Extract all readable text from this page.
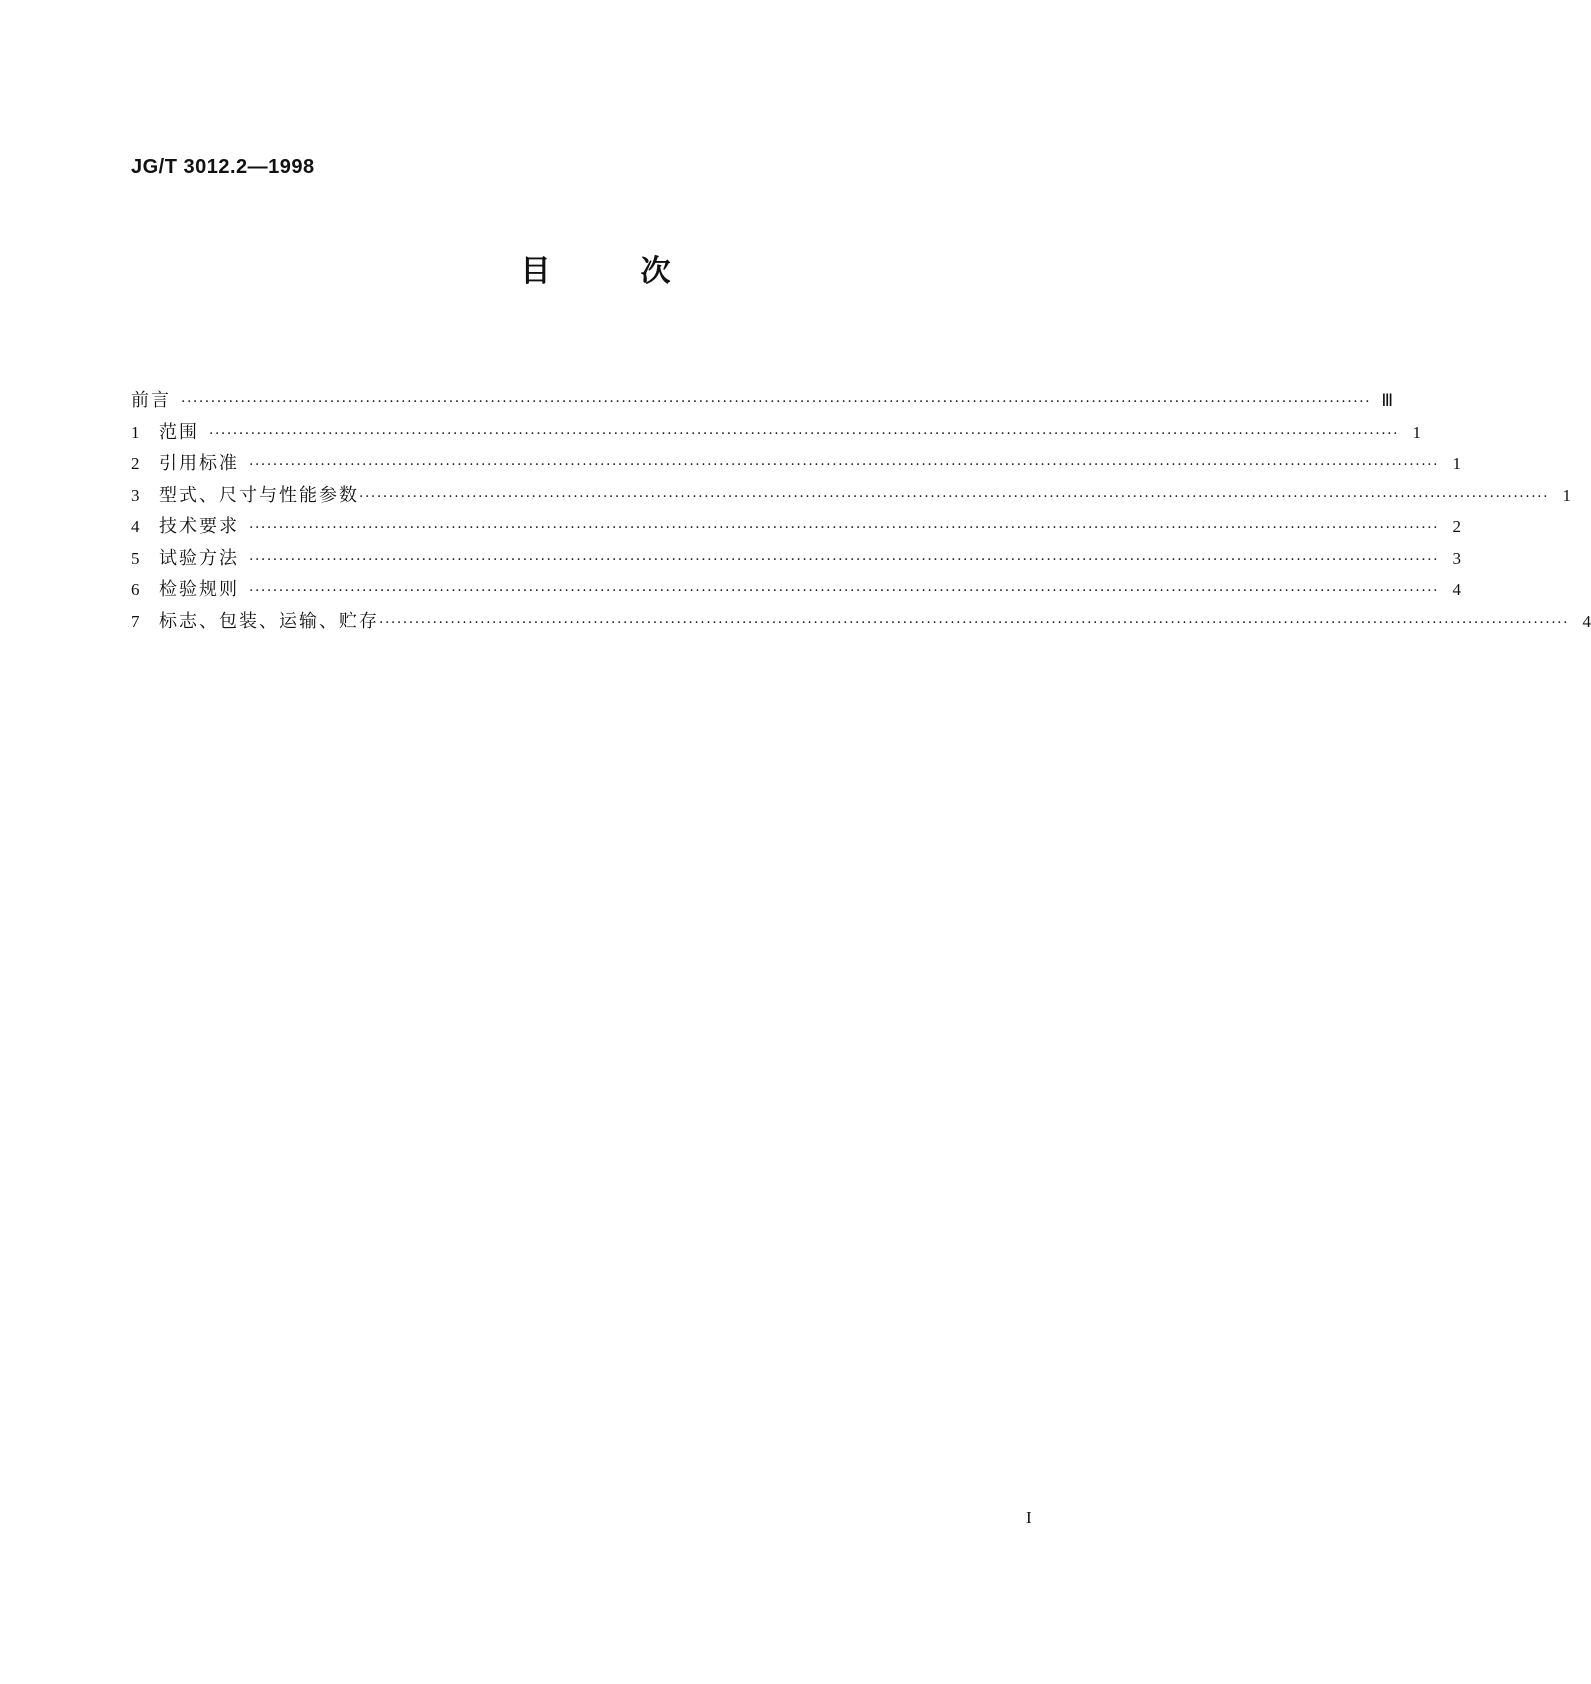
JG/T 3012.2—1998
目次
前言 ········································································································································································································ Ⅲ
1	范围 ········································································································································································································ 1
2	引用标准 ········································································································································································································ 1
3	型式、尺寸与性能参数 ········································································································································································································ 1
4	技术要求 ········································································································································································································ 2
5	试验方法 ········································································································································································································ 3
6	检验规则 ········································································································································································································ 4
7	标志、包装、运输、贮存 ········································································································································································································ 4
I
